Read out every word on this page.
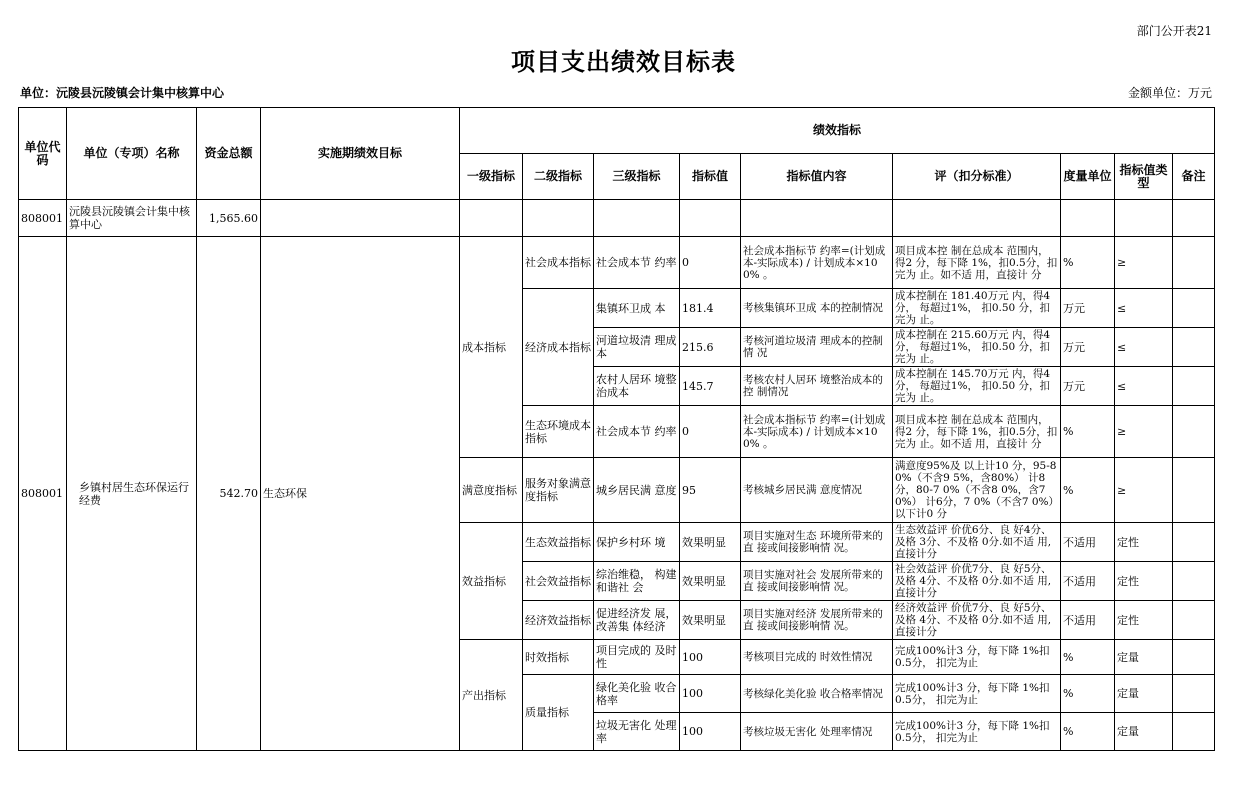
部门公开表21
项目支出绩效目标表
单位：沅陵县沅陵镇会计集中核算中心	金额单位：万元
单位代码	单位（专项）名称	资金总额	实施期绩效目标	绩效指标								
				一级指标	二级指标	三级指标	指标值	指标值内容	评（扣分标准）	度量单位	指标值类型	备注
808001	沅陵县沅陵镇会计集中核算中心	1,565.60										
808001	乡镇村居生态环保运行经费	542.70	生态环保	成本指标	社会成本指标	社会成本节 约率	0	社会成本指标节 约率=(计划成 本-实际成本) / 计划成本×100% 。	项目成本控 制在总成本 范围内，得2 分，每下降 1%，扣0.5分，扣完为 止。如不适 用，直接计 分	%	≥	
					经济成本指标	集镇环卫成 本	181.4	考核集镇环卫成 本的控制情况	成本控制在 181.40万元 内，得4分， 每超过1%， 扣0.50 分，扣完为 止。	万元	≤	
						河道垃圾清 理成本	215.6	考核河道垃圾清 理成本的控制情 况	成本控制在 215.60万元 内，得4分， 每超过1%， 扣0.50 分，扣完为 止。	万元	≤	
						农村人居环 境整治成本	145.7	考核农村人居环 境整治成本的控 制情况	成本控制在 145.70万元 内，得4分， 每超过1%， 扣0.50 分，扣完为 止。	万元	≤	
					生态环境成本指标	社会成本节 约率	0	社会成本指标节 约率=(计划成 本-实际成本) / 计划成本×100% 。	项目成本控 制在总成本 范围内，得2 分，每下降 1%，扣0.5分，扣完为 止。如不适 用，直接计 分	%	≥	
				满意度指标	服务对象满意度指标	城乡居民满 意度	95	考核城乡居民满 意度情况	满意度95%及 以上计10 分，95-80%（不含9 5%，含80%） 计8分，80-7 0%（不含8 0%，含70%） 计6分，7 0%（不含7 0%）以下计0 分	%	≥	
				效益指标	生态效益指标	保护乡村环 境	效果明显	项目实施对生态 环境所带来的直 接或间接影响情 况。	生态效益评 价优6分、良 好4分、及格 3分、不及格 0分.如不适 用,直接计分	不适用	定性	
					社会效益指标	综治维稳， 构建和谐社 会	效果明显	项目实施对社会 发展所带来的直 接或间接影响情 况。	社会效益评 价优7分、良 好5分、及格 4分、不及格 0分.如不适 用,直接计分	不适用	定性	
					经济效益指标	促进经济发 展，改善集 体经济	效果明显	项目实施对经济 发展所带来的直 接或间接影响情 况。	经济效益评 价优7分、良 好5分、及格 4分、不及格 0分.如不适 用,直接计分	不适用	定性	
				产出指标	时效指标	项目完成的 及时性	100	考核项目完成的 时效性情况	完成100%计3 分，每下降 1%扣0.5分， 扣完为止	%	定量	
					质量指标	绿化美化验 收合格率	100	考核绿化美化验 收合格率情况	完成100%计3 分，每下降 1%扣0.5分， 扣完为止	%	定量	
						垃圾无害化 处理率	100	考核垃圾无害化 处理率情况	完成100%计3 分，每下降 1%扣0.5分， 扣完为止	%	定量	
